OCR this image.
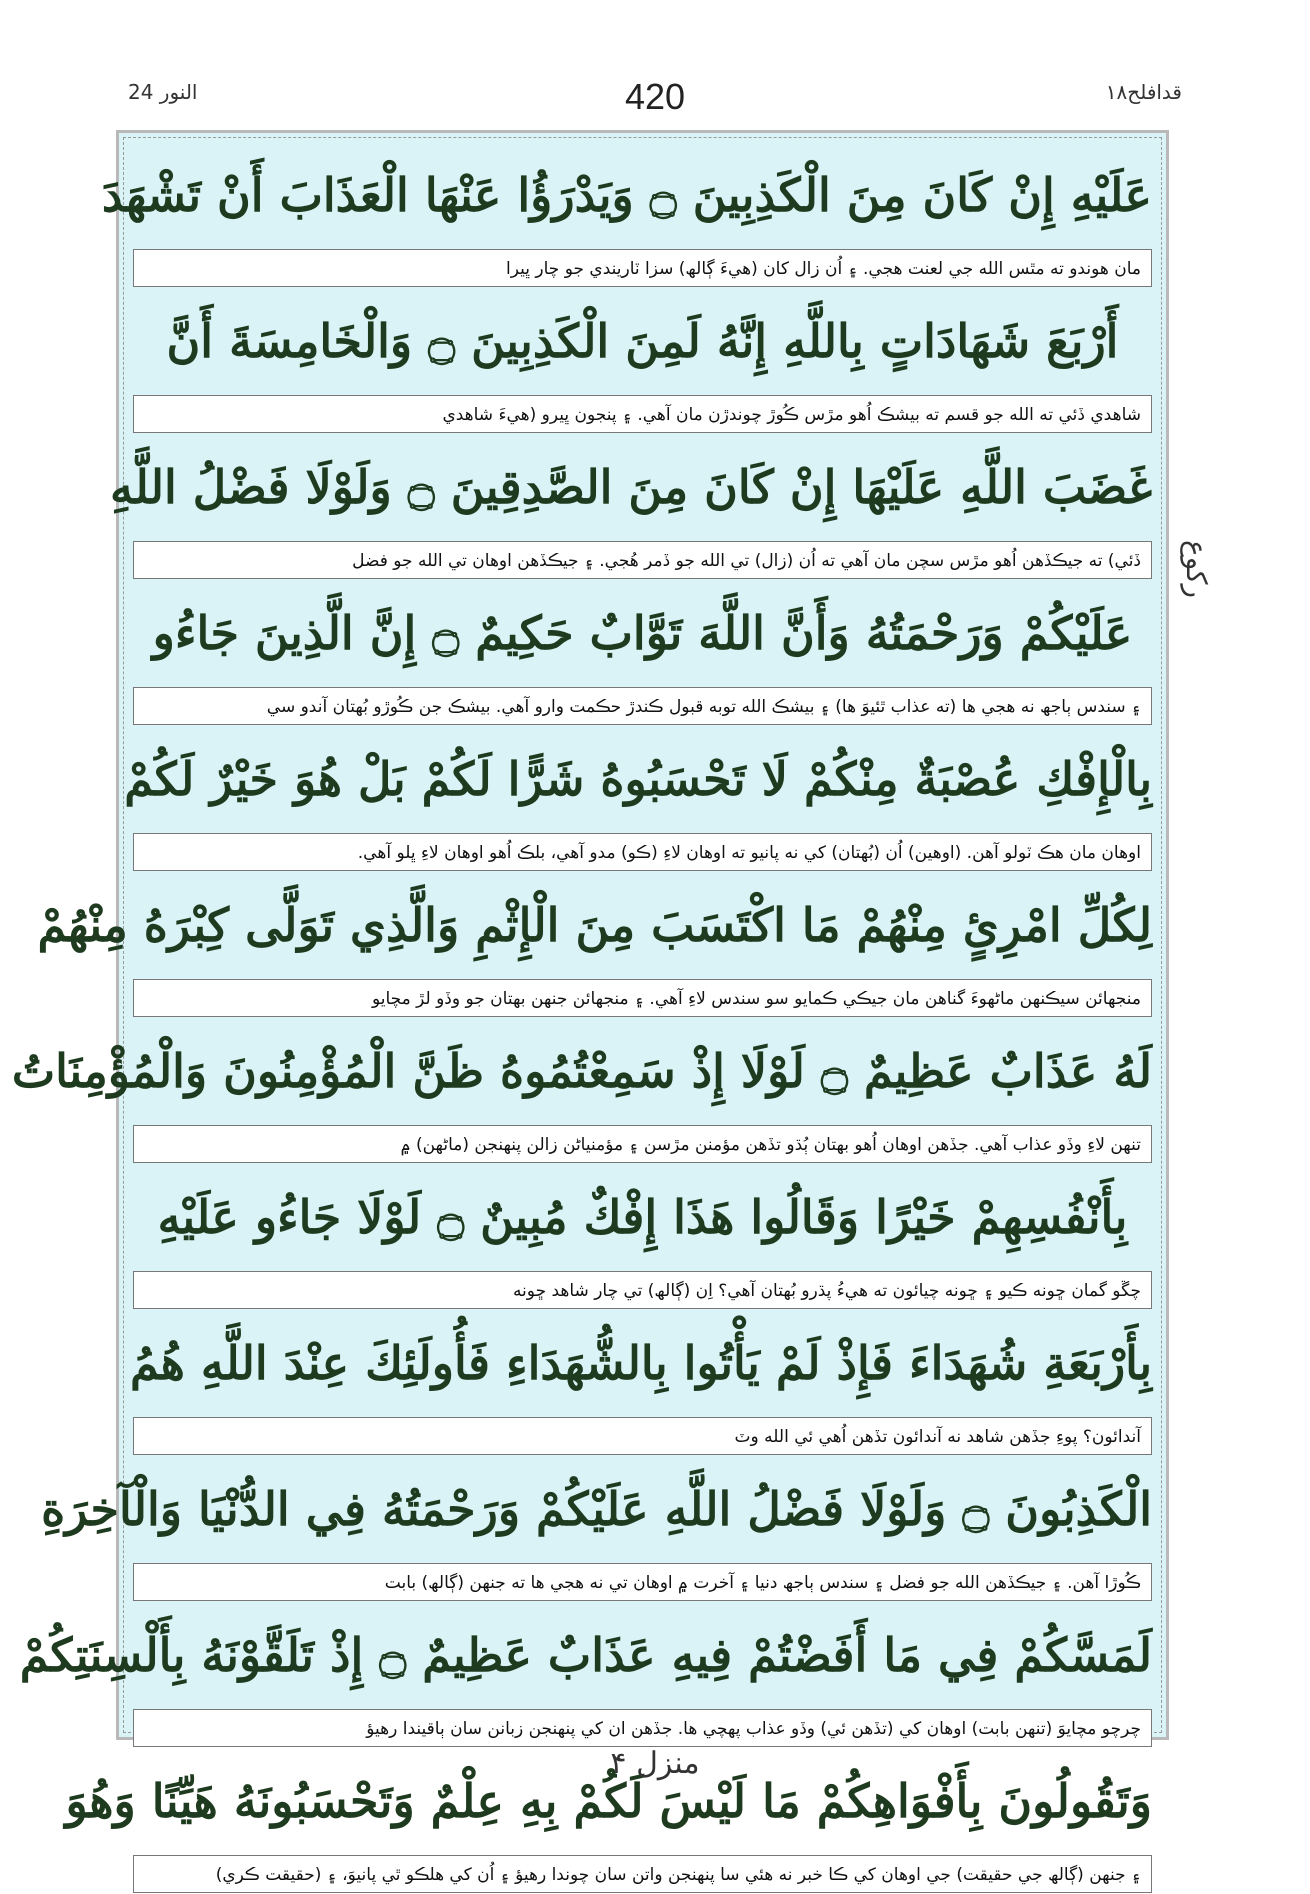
النور 24	420	قدافلح۱۸
عَلَيْهِ إِنْ كَانَ مِنَ الْكَذِبِينَ ۝ وَيَدْرَؤُا عَنْهَا الْعَذَابَ أَنْ تَشْهَدَ
مان هوندو ته مٿس الله جي لعنت هجي. ۽ اُن زال کان (هيءَ ڳالھ) سزا ٽاريندي جو چار ڀيرا
أَرْبَعَ شَهَادَاتٍ بِاللَّهِ إِنَّهُ لَمِنَ الْكَذِبِينَ ۝ وَالْخَامِسَةَ أَنَّ
شاهدي ڏئي ته الله جو قسم ته بيشڪ اُهو مڙس ڪُوڙ چوندڙن مان آهي. ۽ پنجون ڀيرو (هيءَ شاهدي
غَضَبَ اللَّهِ عَلَيْهَا إِنْ كَانَ مِنَ الصَّدِقِينَ ۝ وَلَوْلَا فَضْلُ اللَّهِ
ڏئي) ته جيڪڏھن اُهو مڙس سچن مان آهي ته اُن (زال) تي الله جو ڏمر هُجي. ۽ جيڪڏھن اوهان تي الله جو فضل
عَلَيْكُمْ وَرَحْمَتُهُ وَأَنَّ اللَّهَ تَوَّابٌ حَكِيمٌ ۝ إِنَّ الَّذِينَ جَاءُو
۽ سندس ٻاجھ نه هجي ها (ته عذاب ٿئيوَ ها) ۽ بيشڪ الله توبه قبول ڪندڙ حڪمت وارو آهي. بيشڪ جن ڪُوڙو بُهتان آندو سي
بِالْإِفْكِ عُصْبَةٌ مِنْكُمْ لَا تَحْسَبُوهُ شَرًّا لَكُمْ بَلْ هُوَ خَيْرٌ لَكُمْ
اوهان مان هڪ ٽولو آهن. (اوهين) اُن (بُهتان) کي نه پانيو ته اوهان لاءِ (ڪو) مدو آهي، بلڪ اُهو اوهان لاءِ ڀلو آهي.
لِكُلِّ امْرِئٍ مِنْهُمْ مَا اكْتَسَبَ مِنَ الْإِثْمِ وَالَّذِي تَوَلَّى كِبْرَهُ مِنْهُمْ
منجهائن سيڪنهن ماڻهوءَ گناهن مان جيڪي ڪمايو سو سندس لاءِ آهي. ۽ منجهائن جنهن بهتان جو وڏو لڙ مچايو
لَهُ عَذَابٌ عَظِيمٌ ۝ لَوْلَا إِذْ سَمِعْتُمُوهُ ظَنَّ الْمُؤْمِنُونَ وَالْمُؤْمِنَاتُ
تنهن لاءِ وڏو عذاب آهي. جڏهن اوهان اُهو بهتان ٻُڌو تڏهن مؤمنن مڙسن ۽ مؤمنياڻن زالن پنهنجن (ماڻهن) ۾
بِأَنْفُسِهِمْ خَيْرًا وَقَالُوا هَذَا إِفْكٌ مُبِينٌ ۝ لَوْلَا جَاءُو عَلَيْهِ
چڱو گمان ڇونه ڪيو ۽ ڇونه چيائون ته هيءُ پڌرو بُهتان آهي؟ اِن (ڳالھ) تي چار شاهد ڇونه
بِأَرْبَعَةِ شُهَدَاءَ فَإِذْ لَمْ يَأْتُوا بِالشُّهَدَاءِ فَأُولَئِكَ عِنْدَ اللَّهِ هُمُ
آندائون؟ پوءِ جڏهن شاهد نه آندائون تڏهن اُهي ئي الله وٽ
الْكَذِبُونَ ۝ وَلَوْلَا فَضْلُ اللَّهِ عَلَيْكُمْ وَرَحْمَتُهُ فِي الدُّنْيَا وَالْآخِرَةِ
ڪُوڙا آهن. ۽ جيڪڏهن الله جو فضل ۽ سندس ٻاجھ دنيا ۽ آخرت ۾ اوهان تي نه هجي ها ته جنهن (ڳالھ) بابت
لَمَسَّكُمْ فِي مَا أَفَضْتُمْ فِيهِ عَذَابٌ عَظِيمٌ ۝ إِذْ تَلَقَّوْنَهُ بِأَلْسِنَتِكُمْ
چرچو مچايوَ (تنهن بابت) اوهان کي (تڏهن ئي) وڏو عذاب پهچي ها. جڏهن ان کي پنهنجن زبانن سان ٻاقيندا رهيؤ
وَتَقُولُونَ بِأَفْوَاهِكُمْ مَا لَيْسَ لَكُمْ بِهِ عِلْمٌ وَتَحْسَبُونَهُ هَيِّنًا وَهُوَ
۽ جنهن (ڳالھ جي حقيقت) جي اوهان کي ڪا خبر نه هئي سا پنهنجن واتن سان چوندا رهيؤ ۽ اُن کي هلڪو ٿي پانيوَ، ۽ (حقيقت ڪري)
ركوع
منزل ۴
